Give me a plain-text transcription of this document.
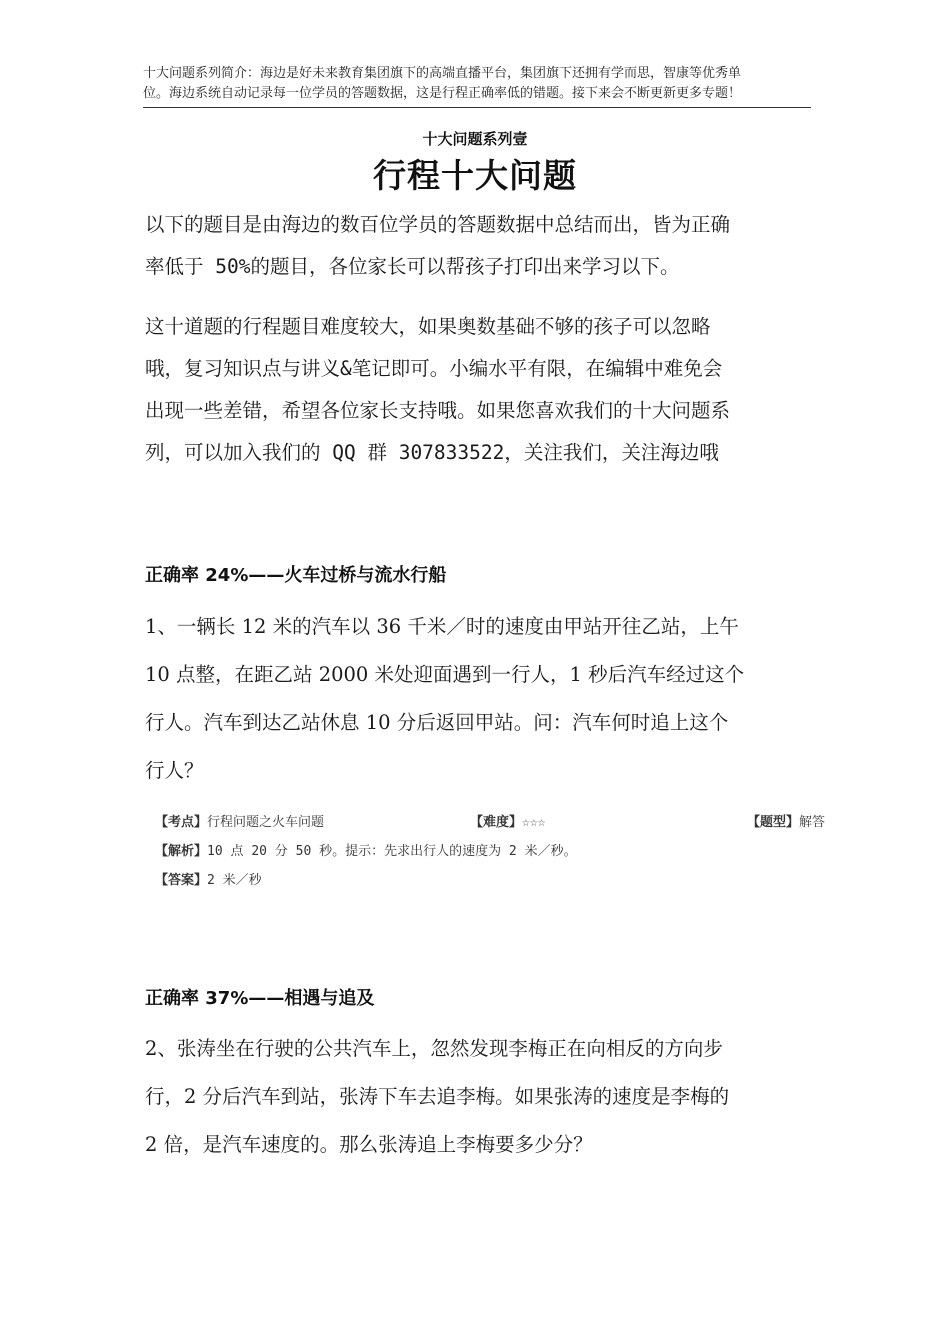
十大问题系列简介：海边是好未来教育集团旗下的高端直播平台，集团旗下还拥有学而思，智康等优秀单
位。海边系统自动记录每一位学员的答题数据，这是行程正确率低的错题。接下来会不断更新更多专题！
十大问题系列壹
行程十大问题
以下的题目是由海边的数百位学员的答题数据中总结而出，皆为正确
率低于 50%的题目，各位家长可以帮孩子打印出来学习以下。
这十道题的行程题目难度较大，如果奥数基础不够的孩子可以忽略
哦，复习知识点与讲义&笔记即可。小编水平有限，在编辑中难免会
出现一些差错，希望各位家长支持哦。如果您喜欢我们的十大问题系
列，可以加入我们的 QQ 群 307833522，关注我们，关注海边哦
正确率 24%——火车过桥与流水行船
1、一辆长 12 米的汽车以 36 千米／时的速度由甲站开往乙站，上午
10 点整，在距乙站 2000 米处迎面遇到一行人，1 秒后汽车经过这个
行人。汽车到达乙站休息 10 分后返回甲站。问：汽车何时追上这个
行人？
【考点】行程问题之火车问题	【难度】☆☆☆	【题型】解答
【解析】10 点 20 分 50 秒。提示：先求出行人的速度为 2 米／秒。
【答案】2 米／秒
正确率 37%——相遇与追及
2、张涛坐在行驶的公共汽车上，忽然发现李梅正在向相反的方向步
行，2 分后汽车到站，张涛下车去追李梅。如果张涛的速度是李梅的
2 倍，是汽车速度的。那么张涛追上李梅要多少分？
